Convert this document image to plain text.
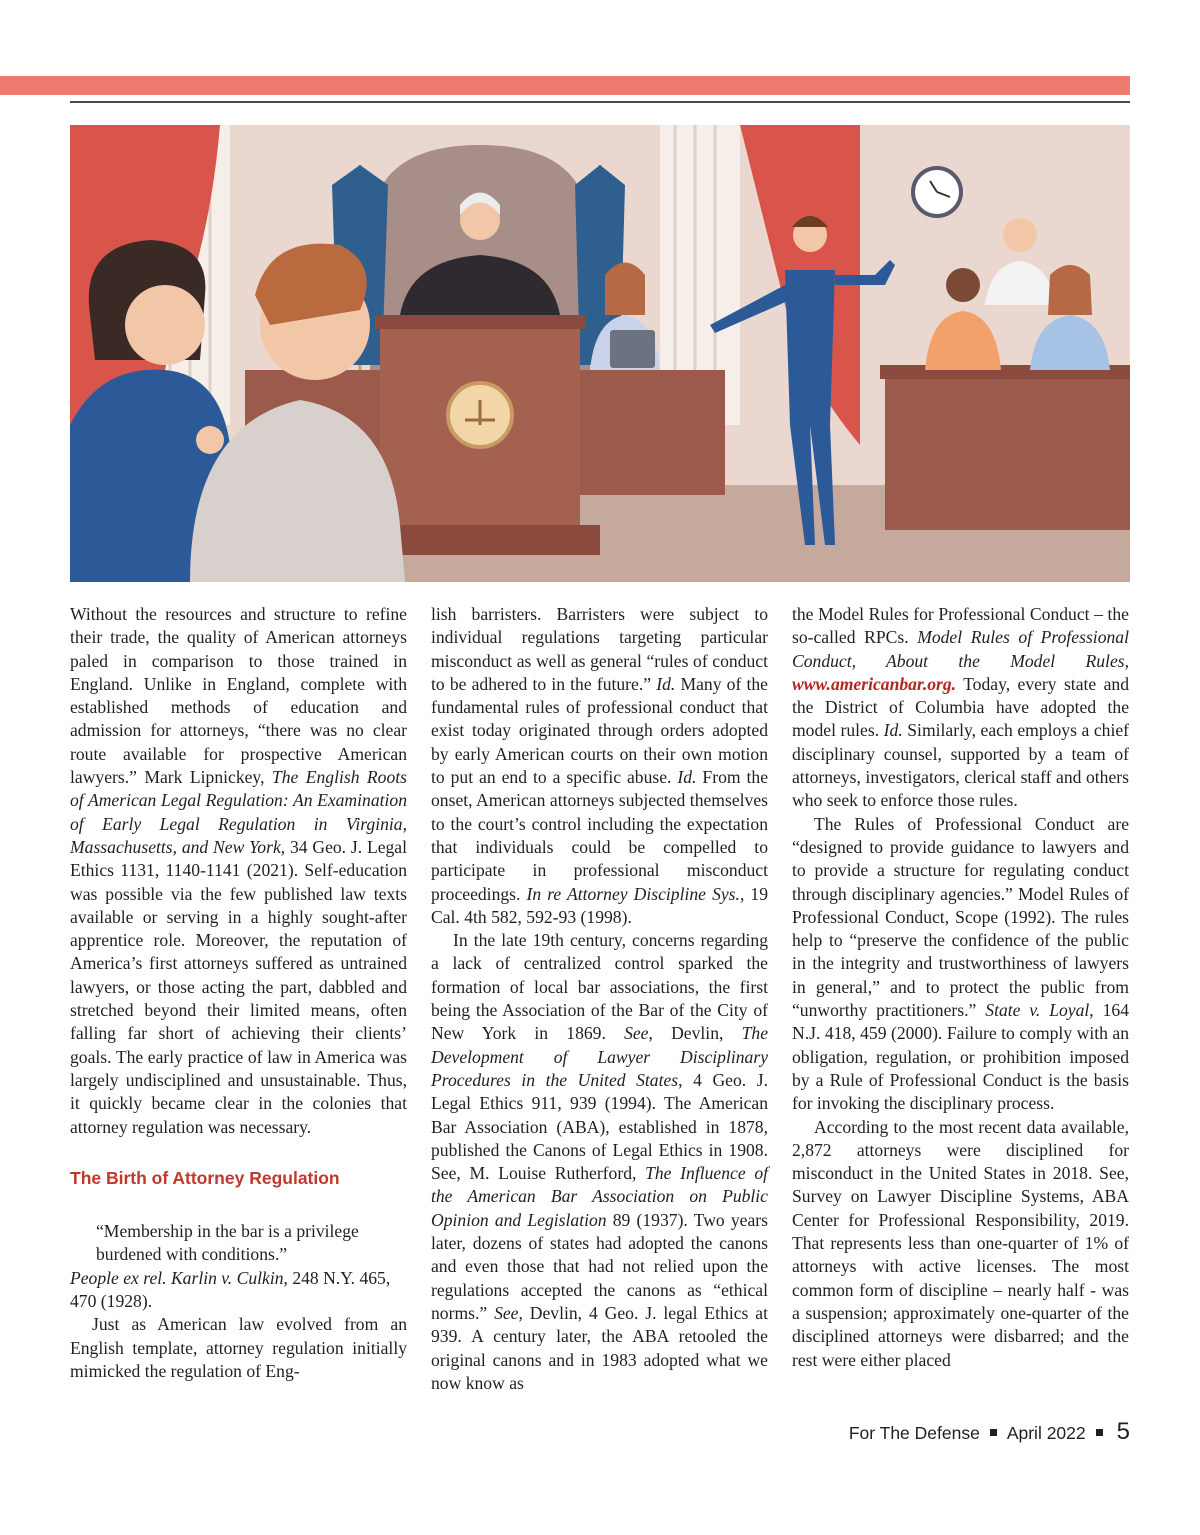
Without the resources and structure to refine their trade, the quality of American attorneys paled in comparison to those trained in England. Unlike in England, complete with established methods of education and admission for attorneys, “there was no clear route available for prospective American lawyers.” Mark Lipnickey, The English Roots of American Legal Regulation: An Examination of Early Legal Regulation in Virginia, Massachusetts, and New York, 34 Geo. J. Legal Ethics 1131, 1140-1141 (2021). Self-education was possible via the few published law texts available or serving in a highly sought-after apprentice role. Moreover, the reputation of America’s first attorneys suffered as untrained lawyers, or those acting the part, dabbled and stretched beyond their limited means, often falling far short of achieving their clients’ goals. The early practice of law in America was largely undisciplined and unsustainable. Thus, it quickly became clear in the colonies that attorney regulation was necessary.

The Birth of Attorney Regulation

“Membership in the bar is a privilege burdened with conditions.”

People ex rel. Karlin v. Culkin, 248 N.Y. 465, 470 (1928).

Just as American law evolved from an English template, attorney regulation initially mimicked the regulation of Eng-

lish barristers. Barristers were subject to individual regulations targeting particular misconduct as well as general “rules of conduct to be adhered to in the future.” Id. Many of the fundamental rules of professional conduct that exist today originated through orders adopted by early American courts on their own motion to put an end to a specific abuse. Id. From the onset, American attorneys subjected themselves to the court’s control including the expectation that individuals could be compelled to participate in professional misconduct proceedings. In re Attorney Discipline Sys., 19 Cal. 4th 582, 592-93 (1998).

In the late 19th century, concerns regarding a lack of centralized control sparked the formation of local bar associations, the first being the Association of the Bar of the City of New York in 1869. See, Devlin, The Development of Lawyer Disciplinary Procedures in the United States, 4 Geo. J. Legal Ethics 911, 939 (1994). The American Bar Association (ABA), established in 1878, published the Canons of Legal Ethics in 1908. See, M. Louise Rutherford, The Influence of the American Bar Association on Public Opinion and Legislation 89 (1937). Two years later, dozens of states had adopted the canons and even those that had not relied upon the regulations accepted the canons as “ethical norms.” See, Devlin, 4 Geo. J. legal Ethics at 939. A century later, the ABA retooled the original canons and in 1983 adopted what we now know as

the Model Rules for Professional Conduct – the so-called RPCs. Model Rules of Professional Conduct, About the Model Rules, www.americanbar.org. Today, every state and the District of Columbia have adopted the model rules. Id. Similarly, each employs a chief disciplinary counsel, supported by a team of attorneys, investigators, clerical staff and others who seek to enforce those rules.

The Rules of Professional Conduct are “designed to provide guidance to lawyers and to provide a structure for regulating conduct through disciplinary agencies.” Model Rules of Professional Conduct, Scope (1992). The rules help to “preserve the confidence of the public in the integrity and trustworthiness of lawyers in general,” and to protect the public from “unworthy practitioners.” State v. Loyal, 164 N.J. 418, 459 (2000). Failure to comply with an obligation, regulation, or prohibition imposed by a Rule of Professional Conduct is the basis for invoking the disciplinary process.

According to the most recent data available, 2,872 attorneys were disciplined for misconduct in the United States in 2018. See, Survey on Lawyer Discipline Systems, ABA Center for Professional Responsibility, 2019. That represents less than one-quarter of 1% of attorneys with active licenses. The most common form of discipline – nearly half - was a suspension; approximately one-quarter of the disciplined attorneys were disbarred; and the rest were either placed

For The Defense April 2022 5
